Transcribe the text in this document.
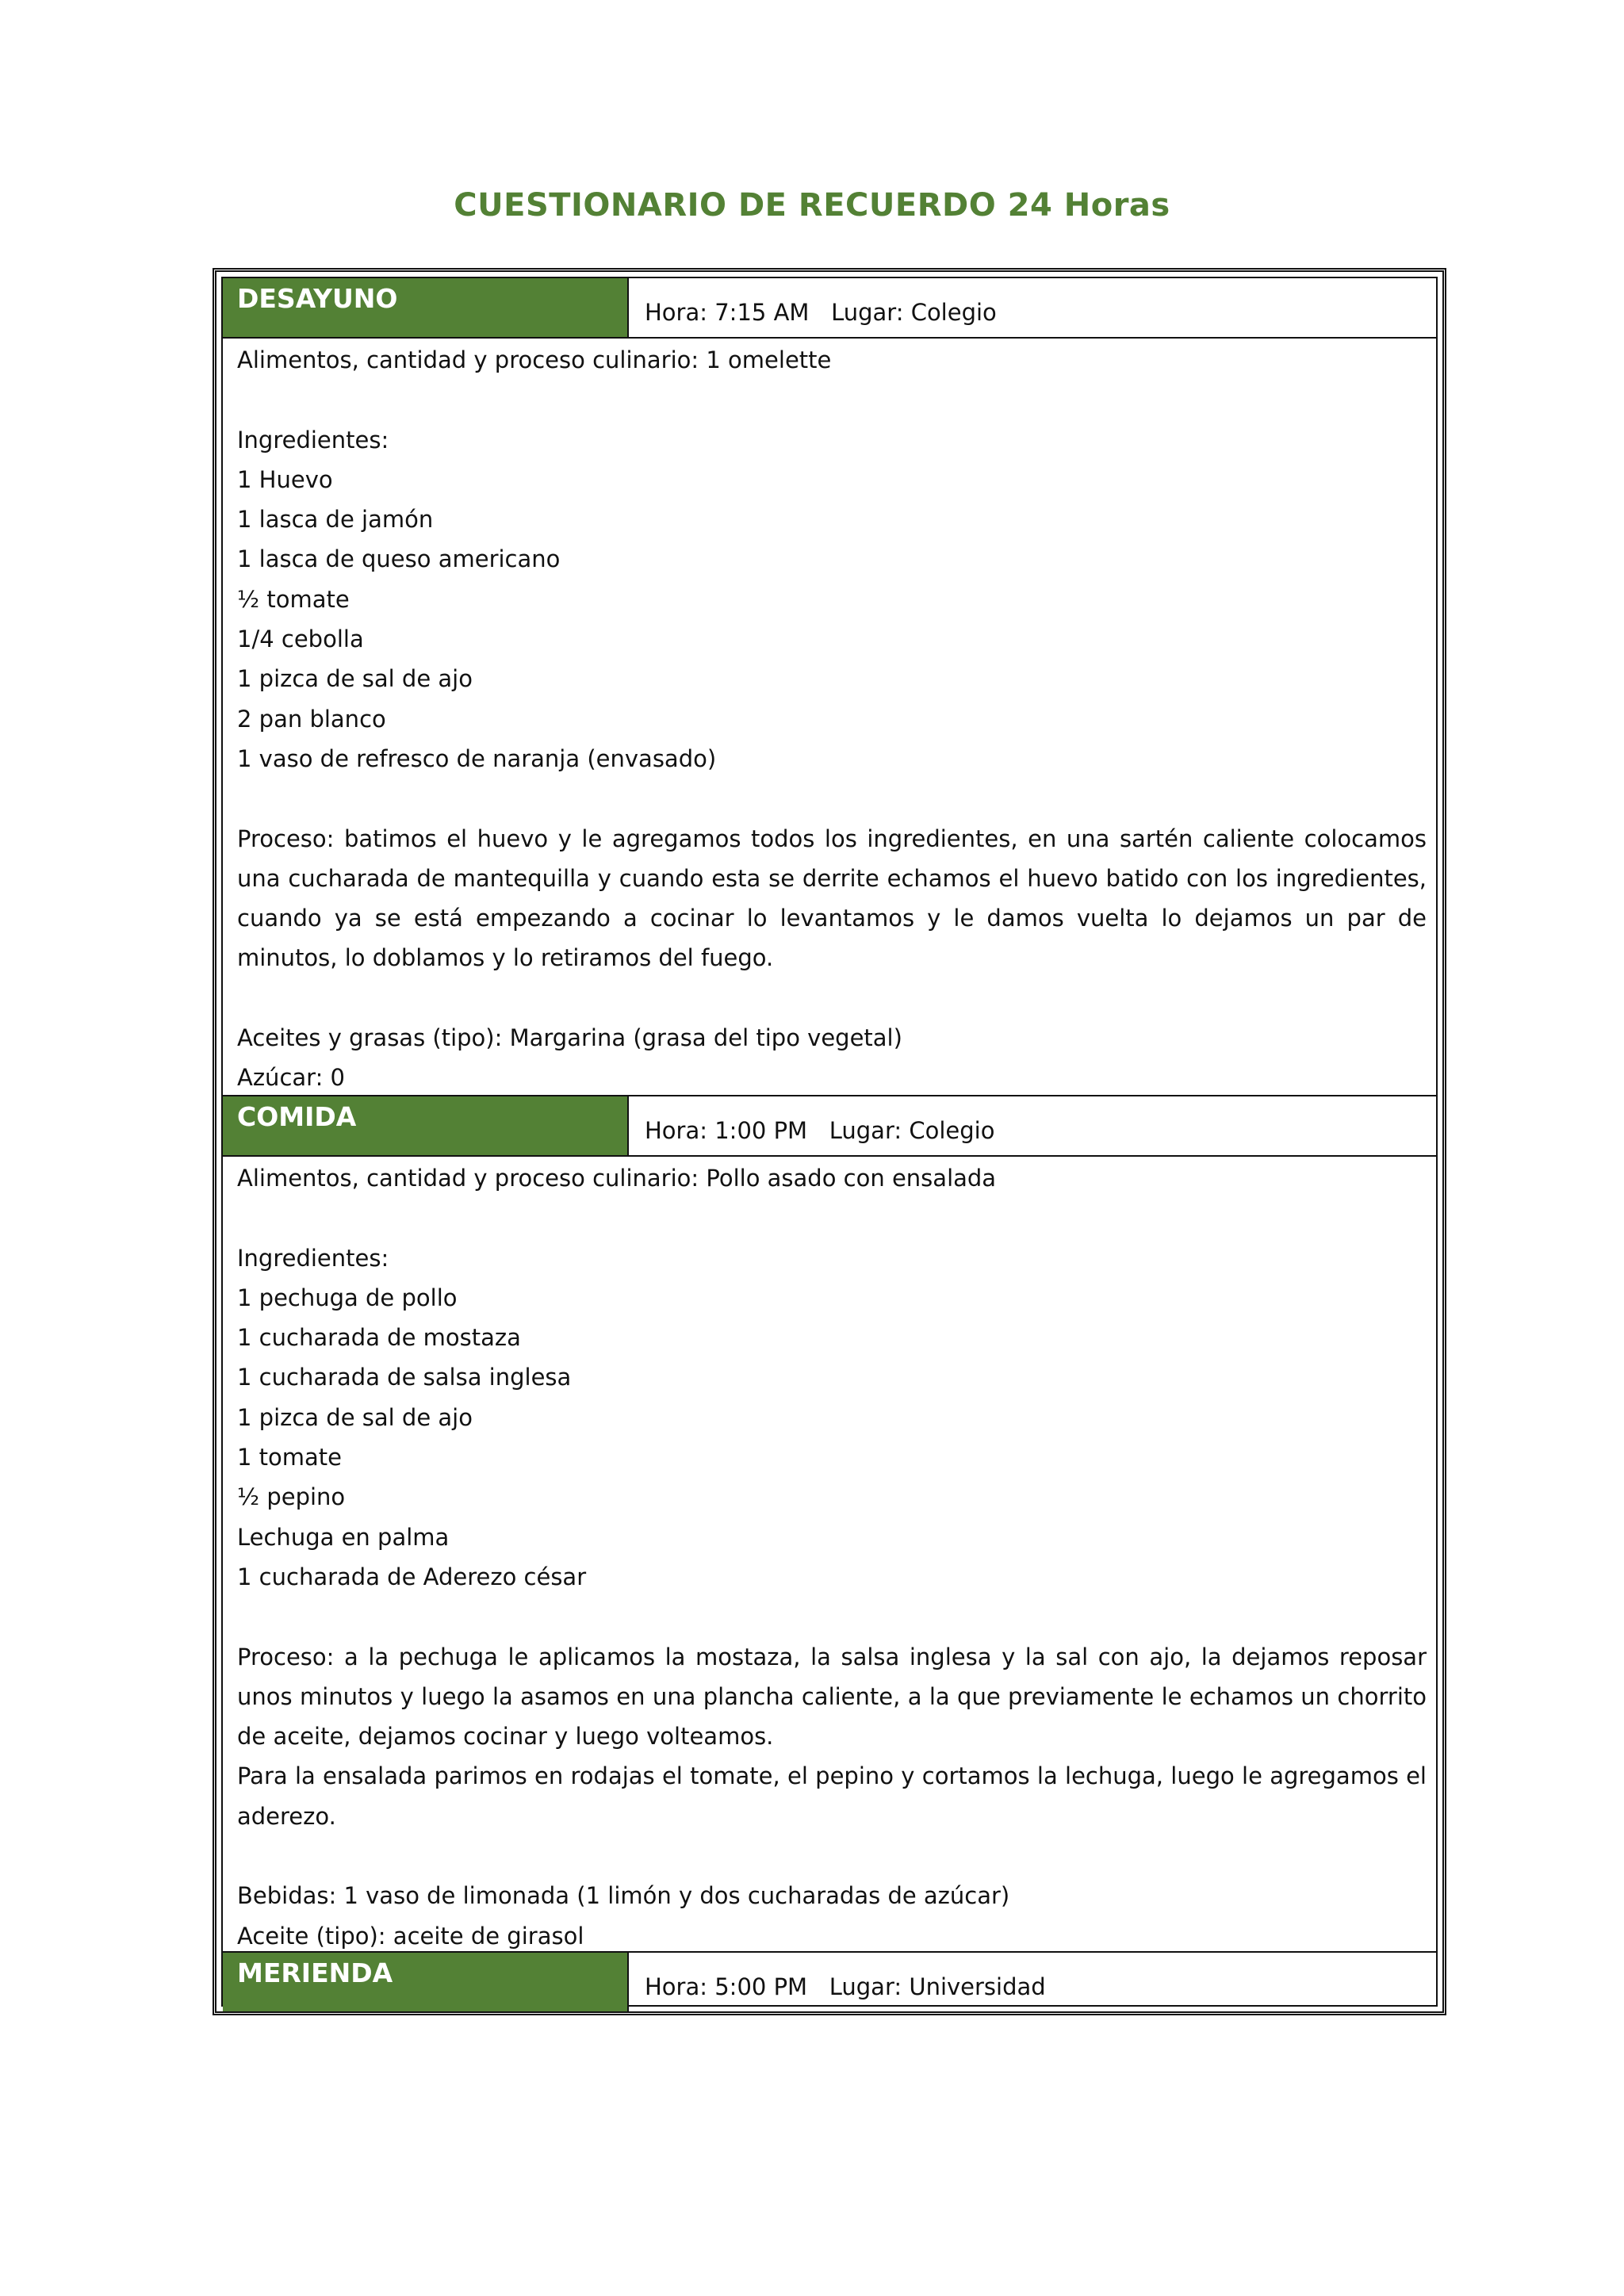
CUESTIONARIO DE RECUERDO 24 Horas
DESAYUNO	Hora: 7:15 AM   Lugar: Colegio
Alimentos, cantidad y proceso culinario: 1 omelette
Ingredientes:
1 Huevo
1 lasca de jamón
1 lasca de queso americano
½ tomate
1/4 cebolla
1 pizca de sal de ajo
2 pan blanco
1 vaso de refresco de naranja (envasado)
Proceso: batimos el huevo y le agregamos todos los ingredientes, en una sartén caliente colocamos una cucharada de mantequilla y cuando esta se derrite echamos el huevo batido con los ingredientes, cuando ya se está empezando a cocinar lo levantamos y le damos vuelta lo dejamos un par de minutos, lo doblamos y lo retiramos del fuego.
Aceites y grasas (tipo): Margarina (grasa del tipo vegetal)
Azúcar: 0
COMIDA	Hora: 1:00 PM   Lugar: Colegio
Alimentos, cantidad y proceso culinario: Pollo asado con ensalada
Ingredientes:
1 pechuga de pollo
1 cucharada de mostaza
1 cucharada de salsa inglesa
1 pizca de sal de ajo
1 tomate
½ pepino
Lechuga en palma
1 cucharada de Aderezo césar
Proceso: a la pechuga le aplicamos la mostaza, la salsa inglesa y la sal con ajo, la dejamos reposar unos minutos y luego la asamos en una plancha caliente, a la que previamente le echamos un chorrito de aceite, dejamos cocinar y luego volteamos.
Para la ensalada parimos en rodajas el tomate, el pepino y cortamos la lechuga, luego le agregamos el aderezo.
Bebidas: 1 vaso de limonada (1 limón y dos cucharadas de azúcar)
Aceite (tipo): aceite de girasol
MERIENDA	Hora: 5:00 PM   Lugar: Universidad
